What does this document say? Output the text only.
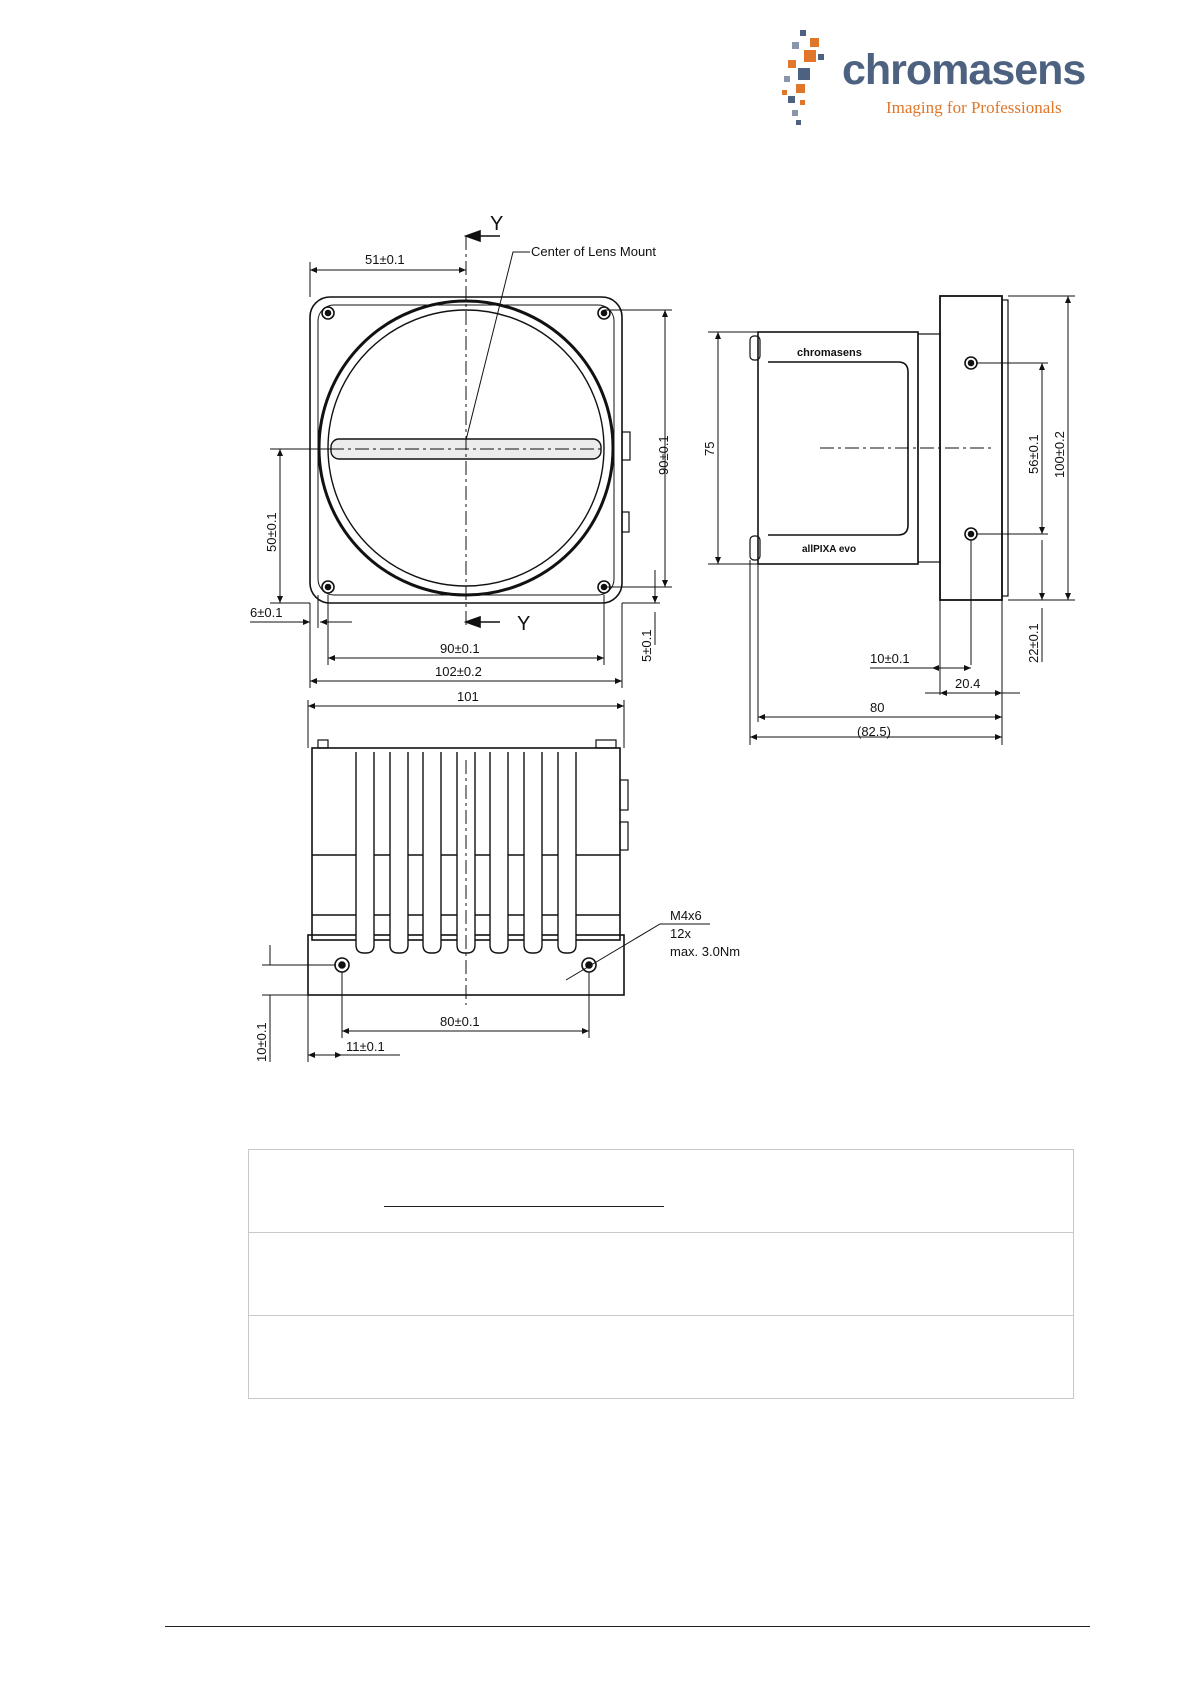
chromasens
Imaging for Professionals
Y
Y
Center of Lens Mount
51±0.1
90±0.1
50±0.1
6±0.1
5±0.1
90±0.1
102±0.2
chromasens
allPIXA evo
75	56±0.1 100±0.2
22±0.1
10±0.1
20.4
80
(82.5)
101
80±0.1
11±0.1
10±0.1
M4x6
12x
max. 3.0Nm
